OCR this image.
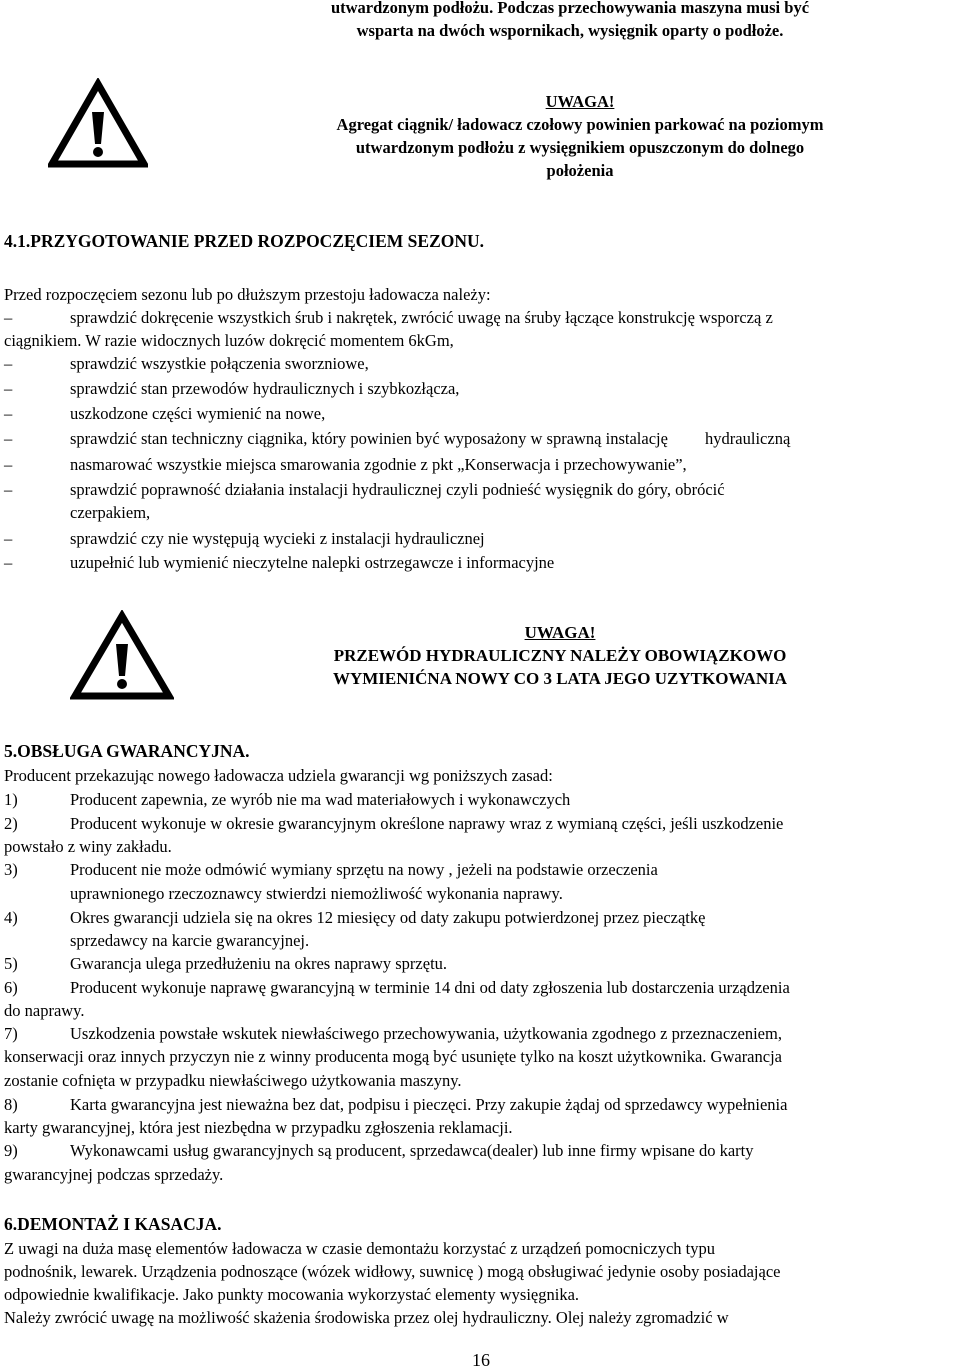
utwardzonym podłożu. Podczas przechowywania maszyna musi być
wsparta na dwóch wspornikach, wysięgnik oparty o podłoże.
UWAGA!
Agregat ciągnik/ ładowacz czołowy powinien parkować na poziomym
utwardzonym podłożu z wysięgnikiem opuszczonym do dolnego
położenia
4.1.PRZYGOTOWANIE PRZED ROZPOCZĘCIEM SEZONU.
Przed rozpoczęciem sezonu lub po dłuższym przestoju ładowacza należy:
–	sprawdzić dokręcenie wszystkich śrub i nakrętek, zwrócić uwagę na śruby łączące konstrukcję wsporczą z
ciągnikiem. W razie widocznych luzów dokręcić momentem 6kGm,
–	sprawdzić wszystkie połączenia sworzniowe,
–	sprawdzić stan przewodów hydraulicznych i szybkozłącza,
–	uszkodzone części wymienić na nowe,
–	sprawdzić stan techniczny ciągnika, który powinien być wyposażony w sprawną instalację         hydrauliczną
–	nasmarować wszystkie miejsca smarowania zgodnie z pkt „Konserwacja i przechowywanie”,
–	sprawdzić poprawność działania instalacji hydraulicznej czyli podnieść wysięgnik do góry, obrócić
czerpakiem,
–	sprawdzić czy nie występują wycieki z instalacji hydraulicznej
–	uzupełnić lub wymienić nieczytelne nalepki ostrzegawcze i informacyjne
UWAGA!
PRZEWÓD HYDRAULICZNY NALEŻY OBOWIĄZKOWO
WYMIENIĆNA NOWY CO 3 LATA JEGO UZYTKOWANIA
5.OBSŁUGA GWARANCYJNA.
Producent przekazując nowego ładowacza udziela gwarancji wg poniższych zasad:
1)	Producent zapewnia, ze wyrób nie ma wad materiałowych i wykonawczych
2)	Producent wykonuje w okresie gwarancyjnym określone naprawy wraz z wymianą części, jeśli uszkodzenie
powstało z winy zakładu.
3)	Producent nie może odmówić wymiany sprzętu na nowy , jeżeli na podstawie orzeczenia
uprawnionego rzeczoznawcy stwierdzi niemożliwość wykonania naprawy.
4)	Okres gwarancji udziela się na okres 12 miesięcy od daty zakupu potwierdzonej przez pieczątkę
sprzedawcy na karcie gwarancyjnej.
5)	Gwarancja ulega przedłużeniu na okres naprawy sprzętu.
6)	Producent wykonuje naprawę gwarancyjną w terminie 14 dni od daty zgłoszenia lub dostarczenia urządzenia
do naprawy.
7)	Uszkodzenia powstałe wskutek niewłaściwego przechowywania, użytkowania zgodnego z przeznaczeniem,
konserwacji oraz innych przyczyn nie z winny producenta mogą być usunięte tylko na koszt użytkownika. Gwarancja
zostanie cofnięta w przypadku niewłaściwego użytkowania maszyny.
8)	Karta gwarancyjna jest nieważna bez dat, podpisu i pieczęci. Przy zakupie żądaj od sprzedawcy wypełnienia
karty gwarancyjnej, która jest niezbędna w przypadku zgłoszenia reklamacji.
9)	Wykonawcami usług gwarancyjnych są producent, sprzedawca(dealer) lub inne firmy wpisane do karty
gwarancyjnej podczas sprzedaży.
6.DEMONTAŻ I KASACJA.
Z uwagi na duża masę elementów ładowacza w czasie demontażu korzystać z urządzeń pomocniczych typu
podnośnik, lewarek. Urządzenia podnoszące (wózek widłowy, suwnicę ) mogą obsługiwać jedynie osoby posiadające
odpowiednie kwalifikacje. Jako punkty mocowania wykorzystać elementy wysięgnika.
Należy zwrócić uwagę na możliwość skażenia środowiska przez olej hydrauliczny. Olej należy zgromadzić w
16
